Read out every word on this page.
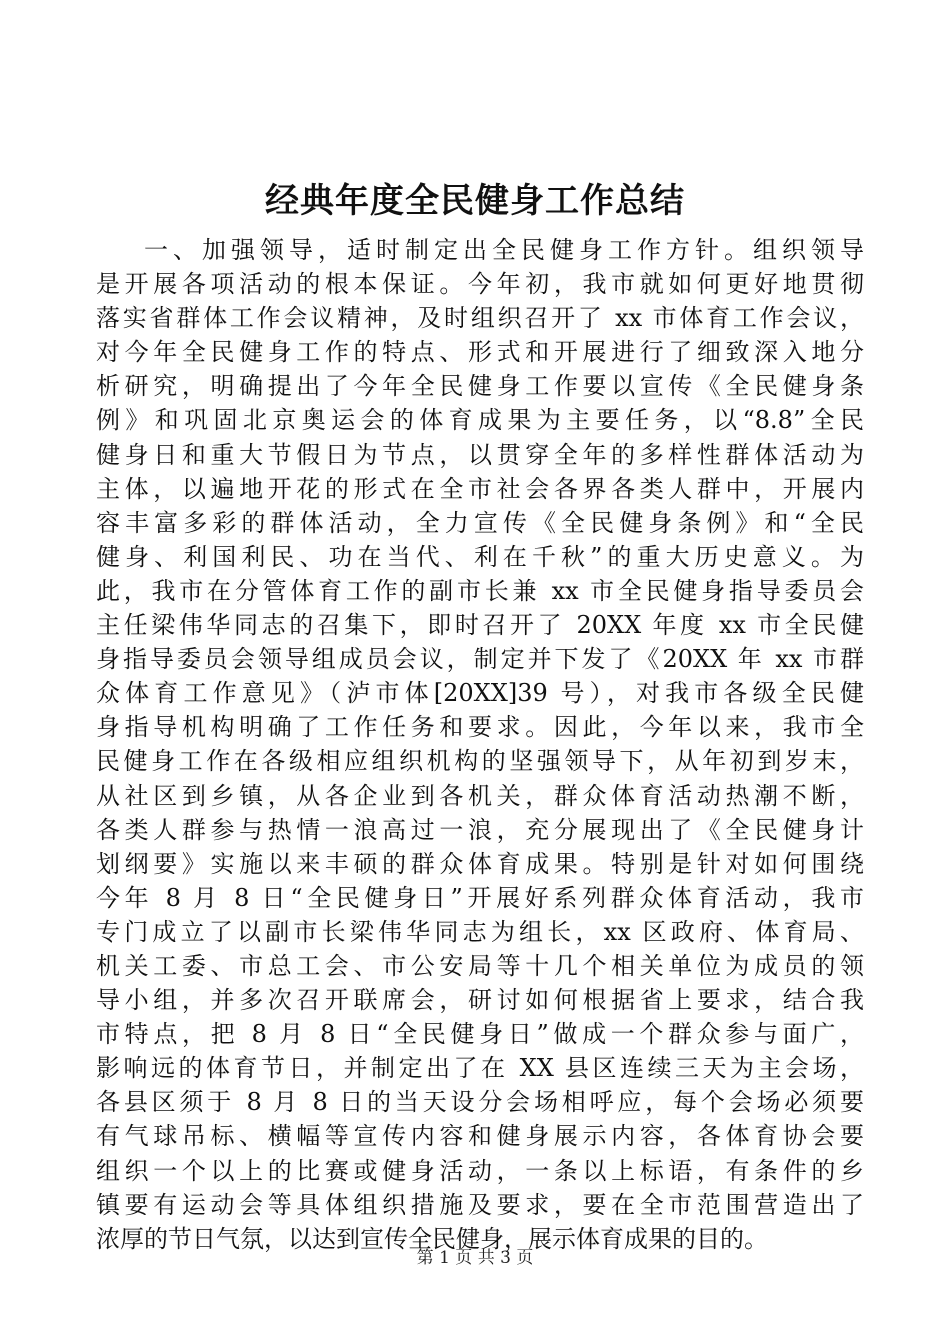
经典年度全民健身工作总结
一、加强领导，适时制定出全民健身工作方针。组织领导
是开展各项活动的根本保证。今年初，我市就如何更好地贯彻
落实省群体工作会议精神，及时组织召开了 xx 市体育工作会议，
对今年全民健身工作的特点、形式和开展进行了细致深入地分
析研究，明确提出了今年全民健身工作要以宣传《全民健身条
例》和巩固北京奥运会的体育成果为主要任务，以“8.8”全民
健身日和重大节假日为节点，以贯穿全年的多样性群体活动为
主体，以遍地开花的形式在全市社会各界各类人群中，开展内
容丰富多彩的群体活动，全力宣传《全民健身条例》和“全民
健身、利国利民、功在当代、利在千秋”的重大历史意义。为
此，我市在分管体育工作的副市长兼 xx 市全民健身指导委员会
主任梁伟华同志的召集下，即时召开了 20XX 年度 xx 市全民健
身指导委员会领导组成员会议，制定并下发了《20XX 年 xx 市群
众体育工作意见》（泸市体[20XX]39 号），对我市各级全民健
身指导机构明确了工作任务和要求。因此，今年以来，我市全
民健身工作在各级相应组织机构的坚强领导下，从年初到岁末，
从社区到乡镇，从各企业到各机关，群众体育活动热潮不断，
各类人群参与热情一浪高过一浪，充分展现出了《全民健身计
划纲要》实施以来丰硕的群众体育成果。特别是针对如何围绕
今年 8 月 8 日“全民健身日”开展好系列群众体育活动，我市
专门成立了以副市长梁伟华同志为组长，xx 区政府、体育局、
机关工委、市总工会、市公安局等十几个相关单位为成员的领
导小组，并多次召开联席会，研讨如何根据省上要求，结合我
市特点，把 8 月 8 日“全民健身日”做成一个群众参与面广，
影响远的体育节日，并制定出了在 XX 县区连续三天为主会场，
各县区须于 8 月 8 日的当天设分会场相呼应，每个会场必须要
有气球吊标、横幅等宣传内容和健身展示内容，各体育协会要
组织一个以上的比赛或健身活动，一条以上标语，有条件的乡
镇要有运动会等具体组织措施及要求，要在全市范围营造出了
浓厚的节日气氛，以达到宣传全民健身，展示体育成果的目的。
第 1 页 共 3 页
